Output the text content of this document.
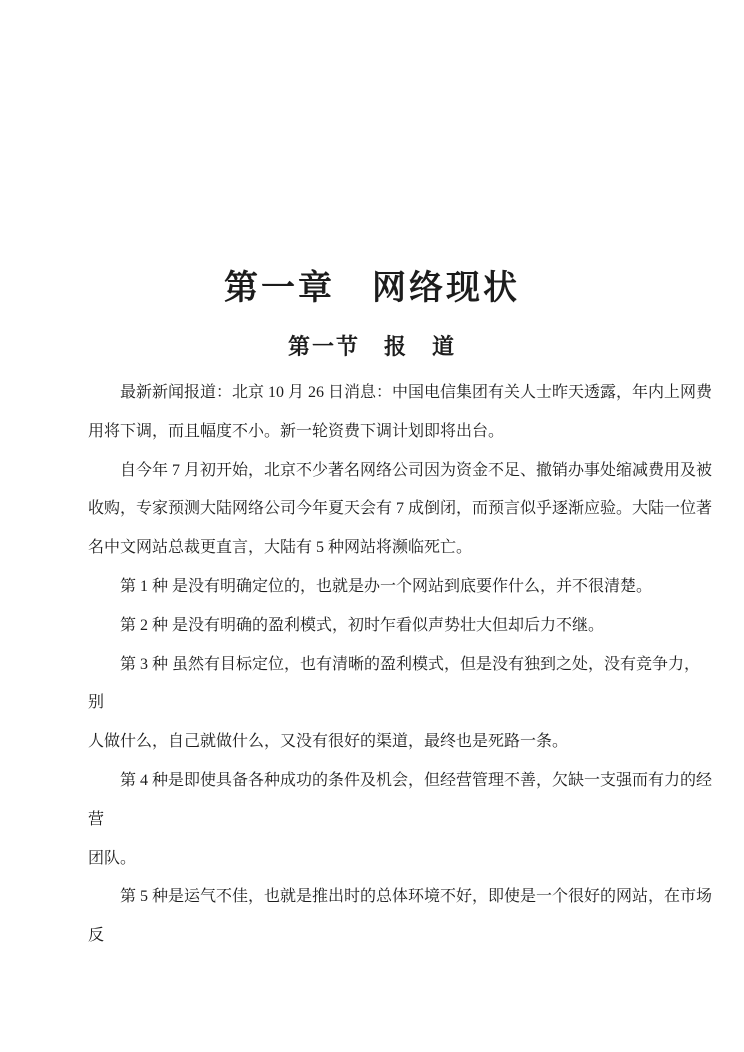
第一章　网络现状
第一节　报　道
最新新闻报道：北京 10 月 26 日消息：中国电信集团有关人士昨天透露，年内上网费
用将下调，而且幅度不小。新一轮资费下调计划即将出台。
自今年 7 月初开始，北京不少著名网络公司因为资金不足、撤销办事处缩减费用及被
收购，专家预测大陆网络公司今年夏天会有 7 成倒闭，而预言似乎逐渐应验。大陆一位著
名中文网站总裁更直言，大陆有 5 种网站将濒临死亡。
第 1 种 是没有明确定位的，也就是办一个网站到底要作什么，并不很清楚。
第 2 种 是没有明确的盈利模式，初时乍看似声势壮大但却后力不继。
第 3 种 虽然有目标定位，也有清晰的盈利模式，但是没有独到之处，没有竞争力，
别
人做什么，自己就做什么，又没有很好的渠道，最终也是死路一条。
第 4 种是即使具备各种成功的条件及机会，但经营管理不善，欠缺一支强而有力的经
营
团队。
第 5 种是运气不佳，也就是推出时的总体环境不好，即使是一个很好的网站，在市场
反
